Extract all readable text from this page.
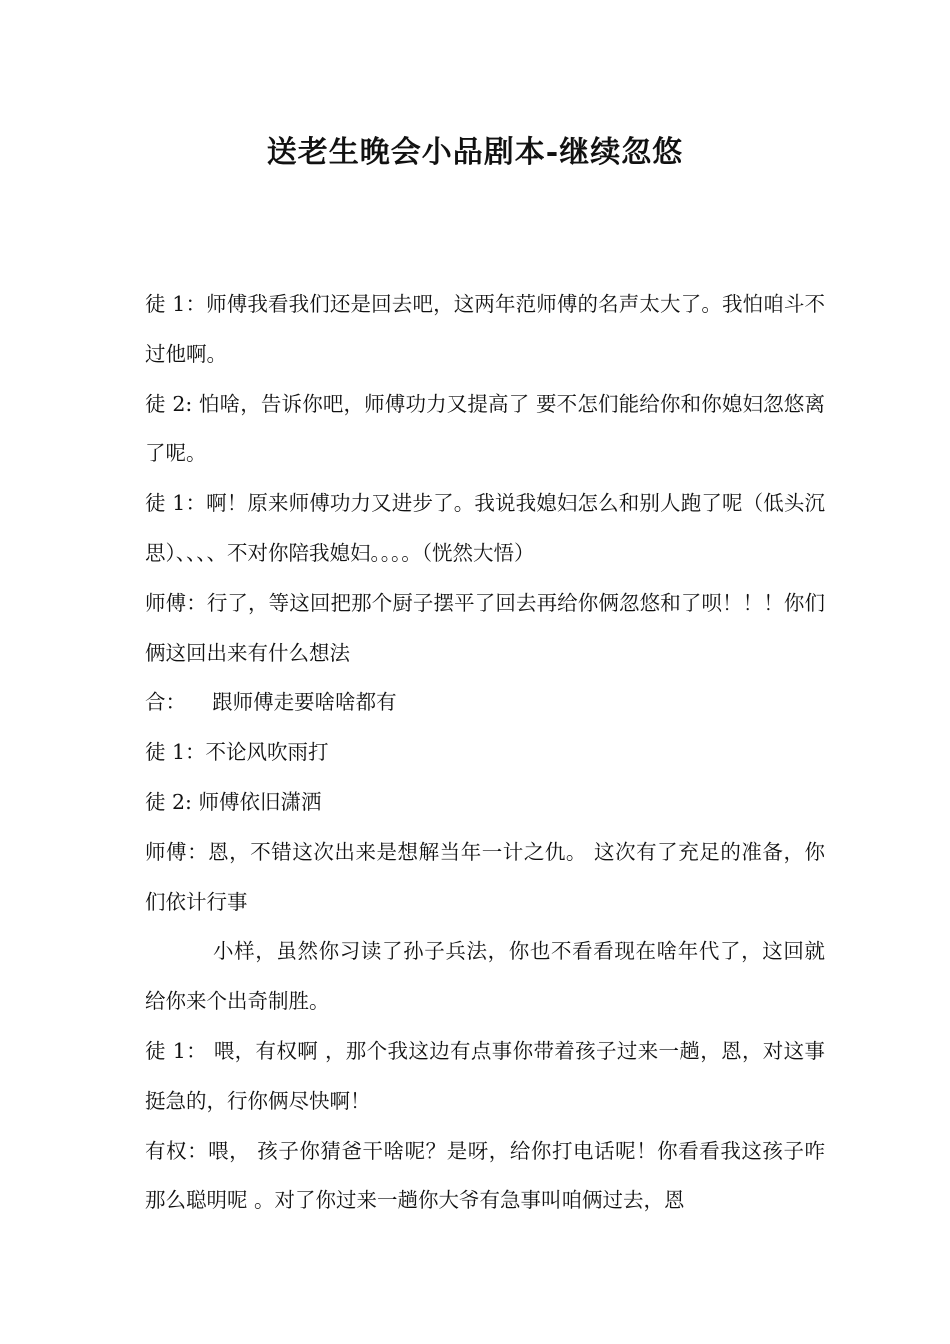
送老生晚会小品剧本-继续忽悠

徒 1：师傅我看我们还是回去吧，这两年范师傅的名声太大了。我怕咱斗不过他啊。

徒 2: 怕啥，告诉你吧，师傅功力又提高了 要不怎们能给你和你媳妇忽悠离了呢。

徒 1：啊！原来师傅功力又进步了。我说我媳妇怎么和别人跑了呢（低头沉思）、、、、不对你陪我媳妇。。。。（恍然大悟）

师傅：行了，等这回把那个厨子摆平了回去再给你俩忽悠和了呗！！！你们俩这回出来有什么想法

合：    跟师傅走要啥啥都有

徒 1：不论风吹雨打

徒 2: 师傅依旧潇洒

师傅：恩，不错这次出来是想解当年一计之仇。 这次有了充足的准备，你们依计行事

小样，虽然你习读了孙子兵法，你也不看看现在啥年代了，这回就给你来个出奇制胜。

徒 1： 喂，有权啊 ，那个我这边有点事你带着孩子过来一趟，恩，对这事挺急的，行你俩尽快啊！

有权：喂， 孩子你猜爸干啥呢？是呀，给你打电话呢！你看看我这孩子咋那么聪明呢 。对了你过来一趟你大爷有急事叫咱俩过去，恩
